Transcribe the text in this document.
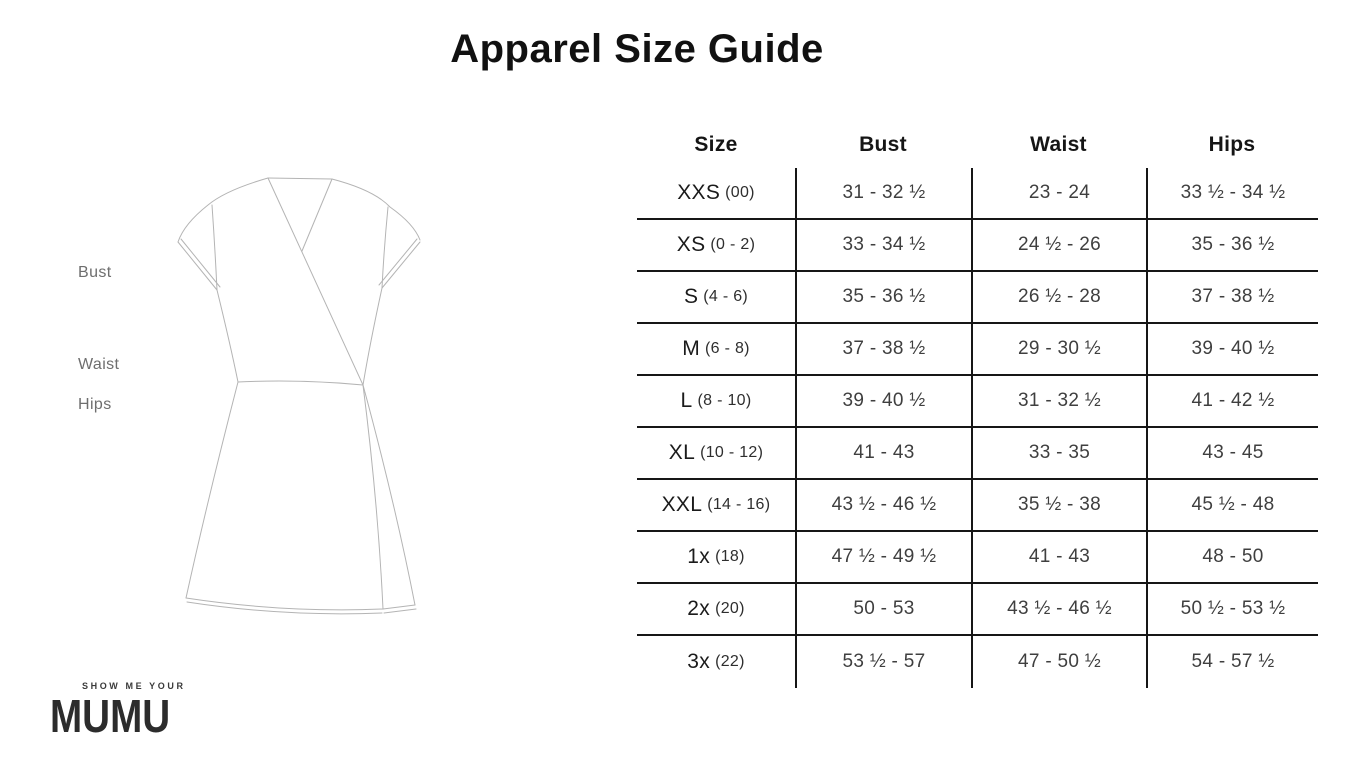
Apparel Size Guide
Bust
Waist
Hips
Size	Bust	Waist	Hips
XXS (00)	31 - 32 ½	23 - 24	33 ½ - 34 ½
XS (0 - 2)	33 - 34 ½	24 ½ - 26	35 - 36 ½
S (4 - 6)	35 - 36 ½	26 ½ - 28	37 - 38 ½
M (6 - 8)	37 - 38 ½	29 - 30 ½	39 - 40 ½
L (8 - 10)	39 - 40 ½	31 - 32 ½	41 - 42 ½
XL (10 - 12)	41 - 43	33 - 35	43 - 45
XXL (14 - 16)	43 ½ - 46 ½	35 ½ - 38	45 ½ - 48
1x (18)	47 ½ - 49 ½	41 - 43	48 - 50
2x (20)	50 - 53	43 ½ - 46 ½	50 ½ - 53 ½
3x (22)	53 ½ - 57	47 - 50 ½	54 - 57 ½
SHOW ME YOUR
MUMU
